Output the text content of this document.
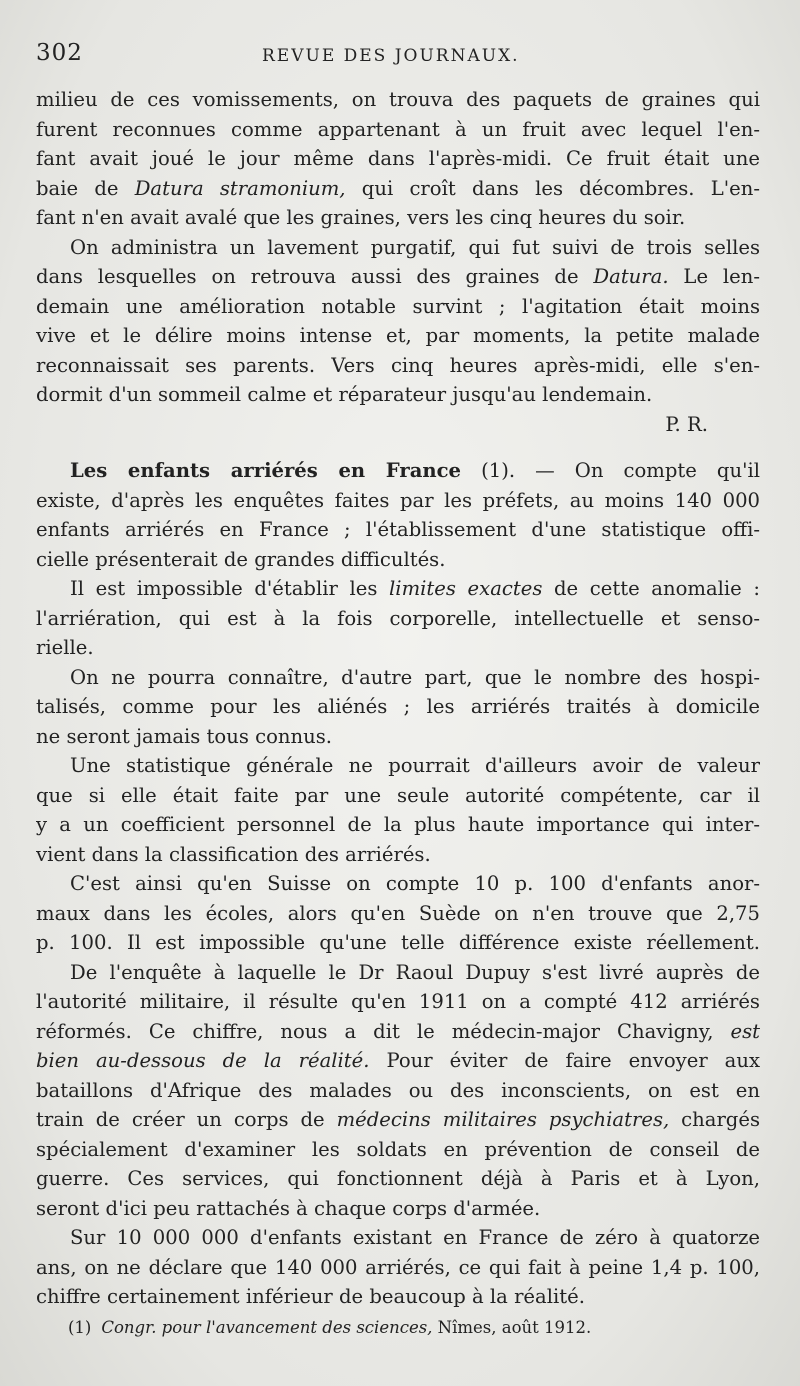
302	REVUE DES JOURNAUX.
milieu de ces vomissements, on trouva des paquets de graines qui
furent reconnues comme appartenant à un fruit avec lequel l'en-
fant avait joué le jour même dans l'après-midi. Ce fruit était une
baie de Datura stramonium, qui croît dans les décombres. L'en-
fant n'en avait avalé que les graines, vers les cinq heures du soir.
On administra un lavement purgatif, qui fut suivi de trois selles
dans lesquelles on retrouva aussi des graines de Datura. Le len-
demain une amélioration notable survint ; l'agitation était moins
vive et le délire moins intense et, par moments, la petite malade
reconnaissait ses parents. Vers cinq heures après-midi, elle s'en-
dormit d'un sommeil calme et réparateur jusqu'au lendemain.
P. R.
Les enfants arriérés en France (1). — On compte qu'il
existe, d'après les enquêtes faites par les préfets, au moins 140 000
enfants arriérés en France ; l'établissement d'une statistique offi-
cielle présenterait de grandes difficultés.
Il est impossible d'établir les limites exactes de cette anomalie :
l'arriération, qui est à la fois corporelle, intellectuelle et senso-
rielle.
On ne pourra connaître, d'autre part, que le nombre des hospi-
talisés, comme pour les aliénés ; les arriérés traités à domicile
ne seront jamais tous connus.
Une statistique générale ne pourrait d'ailleurs avoir de valeur
que si elle était faite par une seule autorité compétente, car il
y a un coefficient personnel de la plus haute importance qui inter-
vient dans la classification des arriérés.
C'est ainsi qu'en Suisse on compte 10 p. 100 d'enfants anor-
maux dans les écoles, alors qu'en Suède on n'en trouve que 2,75
p. 100. Il est impossible qu'une telle différence existe réellement.
De l'enquête à laquelle le Dr Raoul Dupuy s'est livré auprès de
l'autorité militaire, il résulte qu'en 1911 on a compté 412 arriérés
réformés. Ce chiffre, nous a dit le médecin-major Chavigny, est
bien au-dessous de la réalité. Pour éviter de faire envoyer aux
bataillons d'Afrique des malades ou des inconscients, on est en
train de créer un corps de médecins militaires psychiatres, chargés
spécialement d'examiner les soldats en prévention de conseil de
guerre. Ces services, qui fonctionnent déjà à Paris et à Lyon,
seront d'ici peu rattachés à chaque corps d'armée.
Sur 10 000 000 d'enfants existant en France de zéro à quatorze
ans, on ne déclare que 140 000 arriérés, ce qui fait à peine 1,4 p. 100,
chiffre certainement inférieur de beaucoup à la réalité.
(1) Congr. pour l'avancement des sciences, Nîmes, août 1912.
